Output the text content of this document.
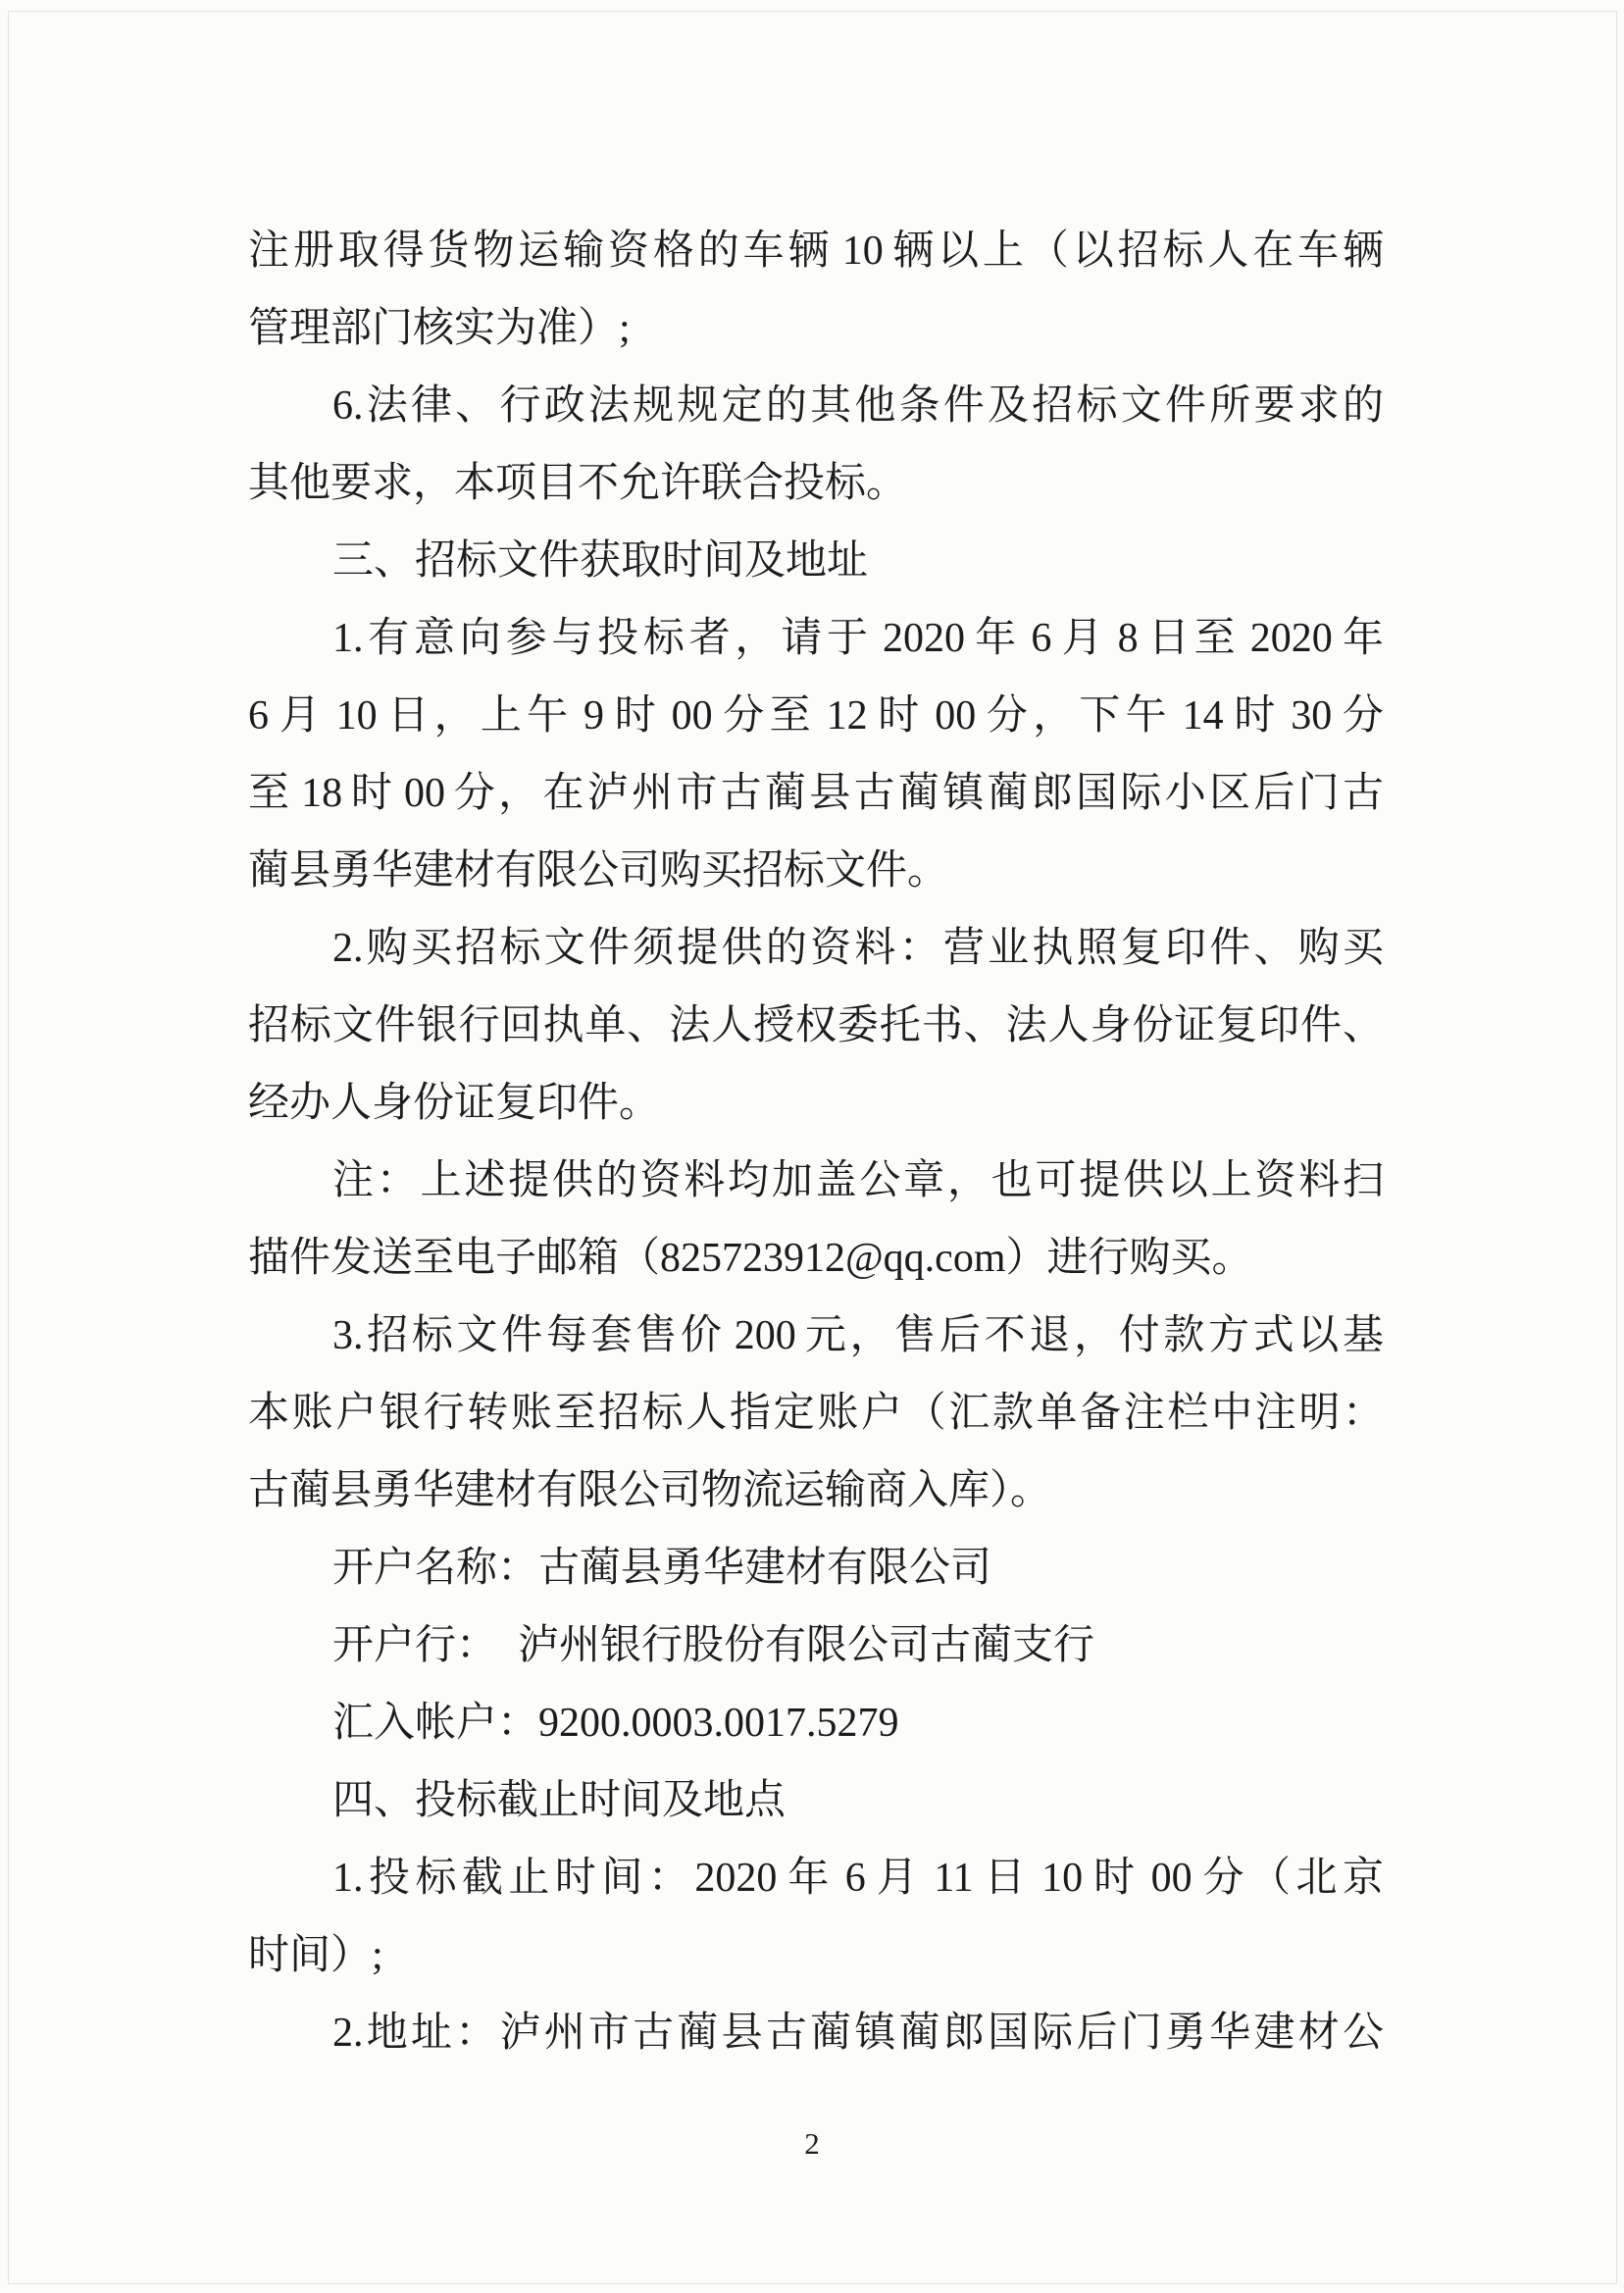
注册取得货物运输资格的车辆 10 辆以上（以招标人在车辆

管理部门核实为准）;

6.法律、行政法规规定的其他条件及招标文件所要求的

其他要求，本项目不允许联合投标。

三、招标文件获取时间及地址

1.有意向参与投标者，请于 2020 年 6 月 8 日至 2020 年

6 月 10 日，上午 9 时 00 分至 12 时 00 分，下午 14 时 30 分

至 18 时 00 分，在泸州市古蔺县古蔺镇蔺郎国际小区后门古

蔺县勇华建材有限公司购买招标文件。

2.购买招标文件须提供的资料：营业执照复印件、购买

招标文件银行回执单、法人授权委托书、法人身份证复印件、

经办人身份证复印件。

注：上述提供的资料均加盖公章，也可提供以上资料扫

描件发送至电子邮箱（825723912@qq.com）进行购买。

3.招标文件每套售价 200 元，售后不退，付款方式以基

本账户银行转账至招标人指定账户（汇款单备注栏中注明：

古蔺县勇华建材有限公司物流运输商入库）。

开户名称：古蔺县勇华建材有限公司

开户行：　泸州银行股份有限公司古蔺支行

汇入帐户：9200.0003.0017.5279

四、投标截止时间及地点

1.投标截止时间：2020 年 6 月 11 日 10 时 00 分（北京

时间）;

2.地址：泸州市古蔺县古蔺镇蔺郎国际后门勇华建材公

2
